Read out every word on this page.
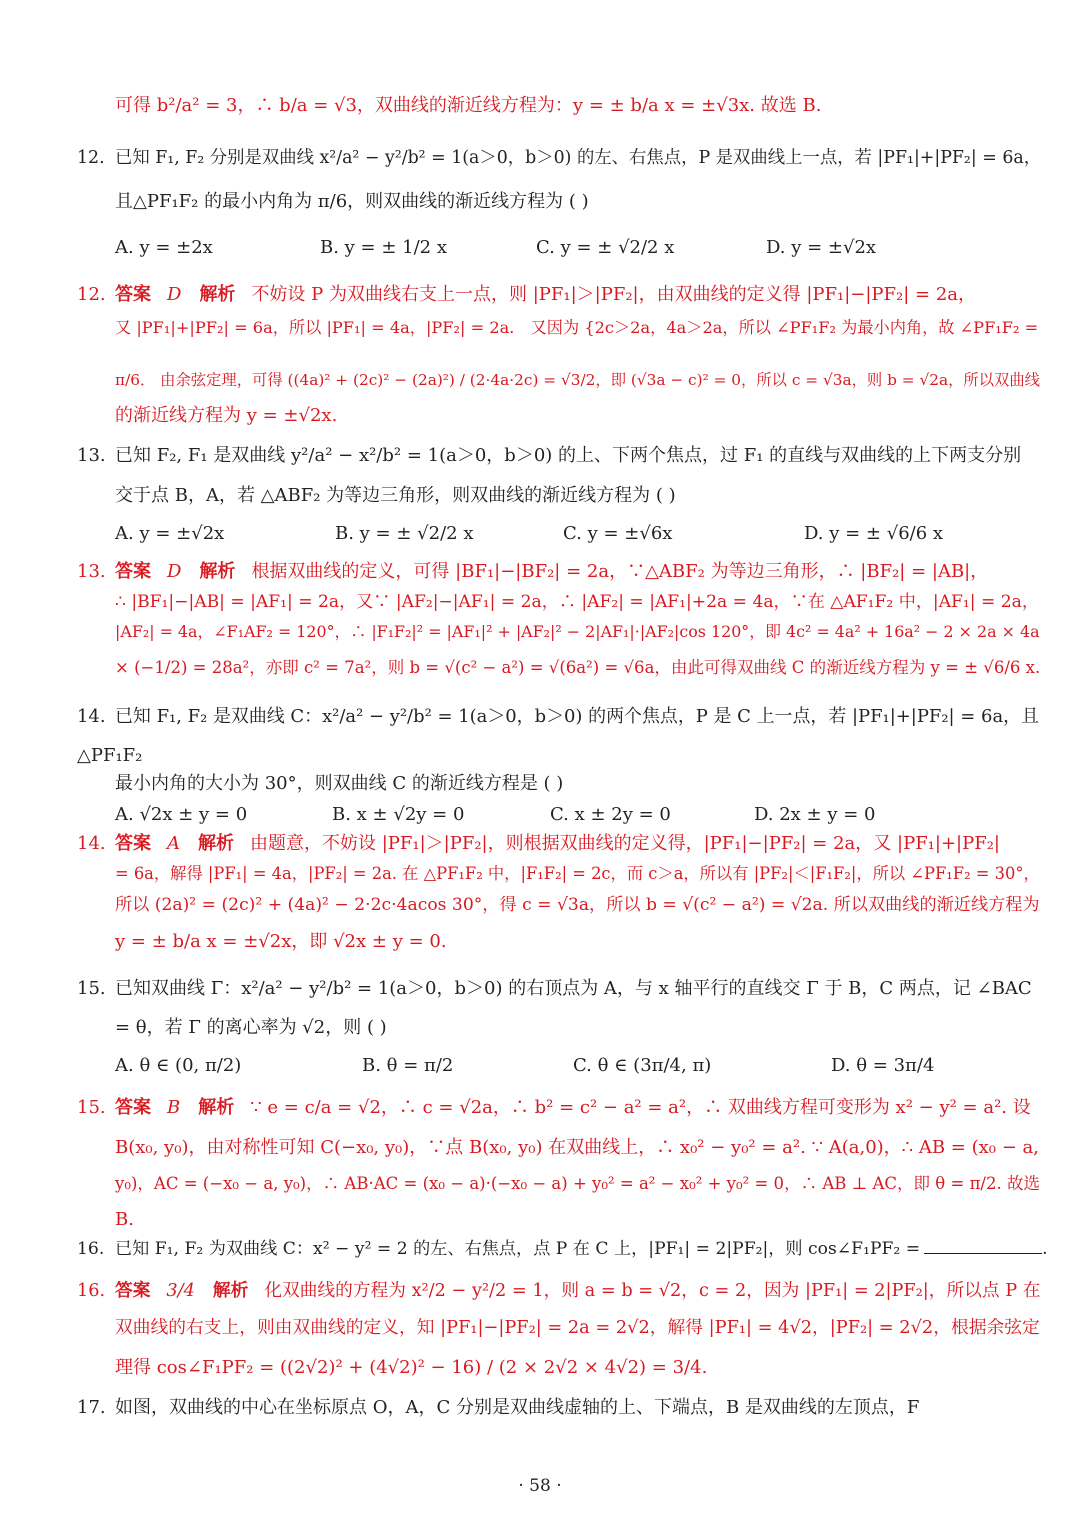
可得 b²/a² = 3，∴ b/a = √3，双曲线的渐近线方程为：y = ± b/a x = ±√3x. 故选 B.
12. 已知 F₁, F₂ 分别是双曲线 x²/a² − y²/b² = 1(a＞0，b＞0) 的左、右焦点，P 是双曲线上一点，若 |PF₁|+|PF₂| = 6a，
且△PF₁F₂ 的最小内角为 π/6，则双曲线的渐近线方程为 ( )
12. 答案 D 解析 不妨设 P 为双曲线右支上一点，则 |PF₁|＞|PF₂|，由双曲线的定义得 |PF₁|−|PF₂| = 2a，
又 |PF₁|+|PF₂| = 6a，所以 |PF₁| = 4a，|PF₂| = 2a． 又因为 {2c＞2a，4a＞2a，所以 ∠PF₁F₂ 为最小内角，故 ∠PF₁F₂ =
π/6． 由余弦定理，可得 ((4a)² + (2c)² − (2a)²) / (2·4a·2c) = √3/2，即 (√3a − c)² = 0，所以 c = √3a，则 b = √2a，所以双曲线
的渐近线方程为 y = ±√2x.
13. 已知 F₂, F₁ 是双曲线 y²/a² − x²/b² = 1(a＞0，b＞0) 的上、下两个焦点，过 F₁ 的直线与双曲线的上下两支分别
交于点 B，A，若 △ABF₂ 为等边三角形，则双曲线的渐近线方程为 ( )
13. 答案 D 解析 根据双曲线的定义，可得 |BF₁|−|BF₂| = 2a，∵△ABF₂ 为等边三角形，∴ |BF₂| = |AB|，
∴ |BF₁|−|AB| = |AF₁| = 2a，又∵ |AF₂|−|AF₁| = 2a，∴ |AF₂| = |AF₁|+2a = 4a，∵在 △AF₁F₂ 中，|AF₁| = 2a，
|AF₂| = 4a，∠F₁AF₂ = 120°，∴ |F₁F₂|² = |AF₁|² + |AF₂|² − 2|AF₁|·|AF₂|cos 120°，即 4c² = 4a² + 16a² − 2 × 2a × 4a
× (−1/2) = 28a²，亦即 c² = 7a²，则 b = √(c² − a²) = √(6a²) = √6a，由此可得双曲线 C 的渐近线方程为 y = ± √6/6 x.
14. 已知 F₁, F₂ 是双曲线 C：x²/a² − y²/b² = 1(a＞0，b＞0) 的两个焦点，P 是 C 上一点，若 |PF₁|+|PF₂| = 6a，且
△PF₁F₂
最小内角的大小为 30°，则双曲线 C 的渐近线方程是 ( )
14. 答案 A 解析 由题意，不妨设 |PF₁|＞|PF₂|，则根据双曲线的定义得，|PF₁|−|PF₂| = 2a，又 |PF₁|+|PF₂|
= 6a，解得 |PF₁| = 4a，|PF₂| = 2a. 在 △PF₁F₂ 中，|F₁F₂| = 2c，而 c＞a，所以有 |PF₂|＜|F₁F₂|，所以 ∠PF₁F₂ = 30°，
所以 (2a)² = (2c)² + (4a)² − 2·2c·4acos 30°，得 c = √3a，所以 b = √(c² − a²) = √2a. 所以双曲线的渐近线方程为
y = ± b/a x = ±√2x，即 √2x ± y = 0.
15. 已知双曲线 Γ：x²/a² − y²/b² = 1(a＞0，b＞0) 的右顶点为 A，与 x 轴平行的直线交 Γ 于 B，C 两点，记 ∠BAC
= θ，若 Γ 的离心率为 √2，则 ( )
15. 答案 B 解析 ∵ e = c/a = √2，∴ c = √2a，∴ b² = c² − a² = a²，∴ 双曲线方程可变形为 x² − y² = a². 设
B(x₀, y₀)，由对称性可知 C(−x₀, y₀)，∵点 B(x₀, y₀) 在双曲线上，∴ x₀² − y₀² = a². ∵ A(a,0)，∴ AB = (x₀ − a,
y₀)，AC = (−x₀ − a, y₀)，∴ AB·AC = (x₀ − a)·(−x₀ − a) + y₀² = a² − x₀² + y₀² = 0，∴ AB ⊥ AC，即 θ = π/2. 故选
B.
16. 已知 F₁, F₂ 为双曲线 C：x² − y² = 2 的左、右焦点，点 P 在 C 上，|PF₁| = 2|PF₂|，则 cos∠F₁PF₂ =	.
16. 答案 3/4 解析 化双曲线的方程为 x²/2 − y²/2 = 1，则 a = b = √2，c = 2，因为 |PF₁| = 2|PF₂|，所以点 P 在
双曲线的右支上，则由双曲线的定义，知 |PF₁|−|PF₂| = 2a = 2√2，解得 |PF₁| = 4√2，|PF₂| = 2√2，根据余弦定
理得 cos∠F₁PF₂ = ((2√2)² + (4√2)² − 16) / (2 × 2√2 × 4√2) = 3/4.
17. 如图，双曲线的中心在坐标原点 O，A，C 分别是双曲线虚轴的上、下端点，B 是双曲线的左顶点，F
A. y = ±2x	B. y = ± 1/2 x	C. y = ± √2/2 x	D. y = ±√2x
A. y = ±√2x	B. y = ± √2/2 x	C. y = ±√6x	D. y = ± √6/6 x
A. √2x ± y = 0	B. x ± √2y = 0	C. x ± 2y = 0	D. 2x ± y = 0
A. θ ∈ (0, π/2)	B. θ = π/2	C. θ ∈ (3π/4, π)	D. θ = 3π/4
· 58 ·
